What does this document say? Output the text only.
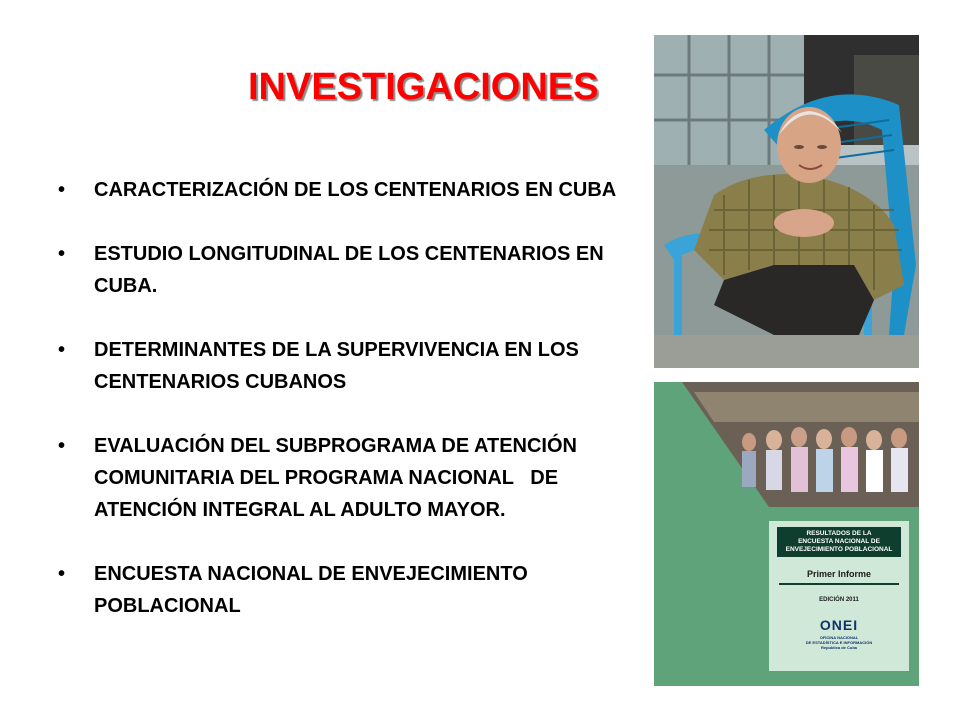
INVESTIGACIONES
• CARACTERIZACIÓN DE LOS CENTENARIOS EN CUBA
• ESTUDIO LONGITUDINAL DE LOS CENTENARIOS EN CUBA.
• DETERMINANTES DE LA SUPERVIVENCIA EN LOS CENTENARIOS CUBANOS
• EVALUACIÓN DEL SUBPROGRAMA DE ATENCIÓN COMUNITARIA DEL PROGRAMA NACIONAL   DE ATENCIÓN INTEGRAL AL ADULTO MAYOR.
• ENCUESTA NACIONAL DE ENVEJECIMIENTO POBLACIONAL
RESULTADOS DE LA
ENCUESTA NACIONAL DE
ENVEJECIMIENTO POBLACIONAL
Primer Informe
EDICIÓN 2011
ONEI
OFICINA NACIONAL
DE ESTADÍSTICA E INFORMACIÓN
República de Cuba
